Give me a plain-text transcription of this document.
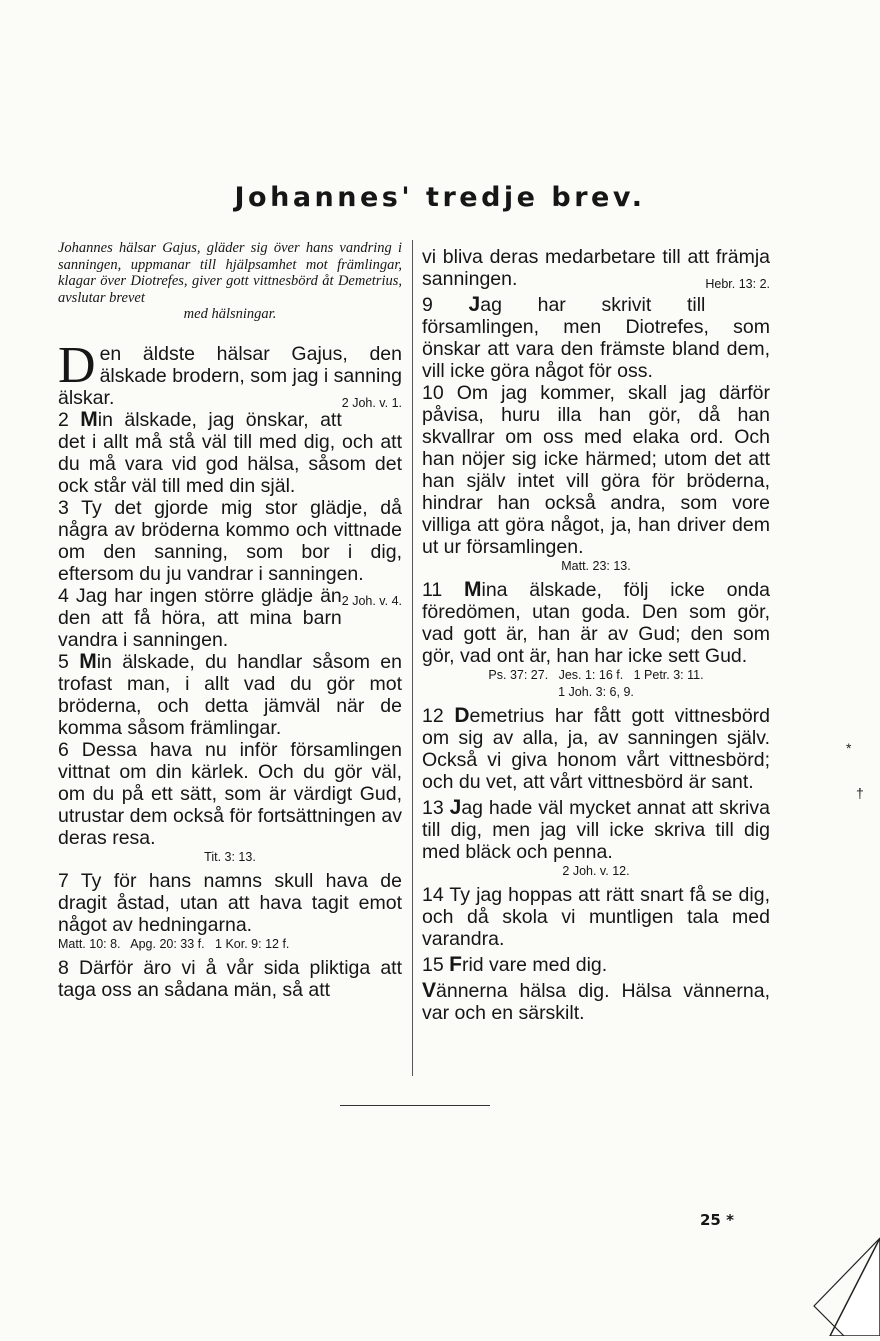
Johannes' tredje brev.

Johannes hälsar Gajus, gläder sig över hans vandring i sanningen, uppmanar till hjälpsamhet mot främlingar, klagar över Diotrefes, giver gott vittnesbörd åt Demetrius, avslutar brevet
med hälsningar.

Den äldste hälsar Gajus, den älskade brodern, som jag i sanning älskar.	2 Joh. v. 1.

2 Min älskade, jag önskar, att det i allt må stå väl till med dig, och att du må vara vid god hälsa, såsom det ock står väl till med din själ.

3 Ty det gjorde mig stor glädje, då några av bröderna kommo och vittnade om den sanning, som bor i dig, eftersom du ju vandrar i sanningen.
2 Joh. v. 4.

4 Jag har ingen större glädje än den att få höra, att mina barn vandra i sanningen.

5 Min älskade, du handlar såsom en trofast man, i allt vad du gör mot bröderna, och detta jämväl när de komma såsom främlingar.

6 Dessa hava nu inför församlingen vittnat om din kärlek. Och du gör väl, om du på ett sätt, som är värdigt Gud, utrustar dem också för fortsättningen av deras resa.

Tit. 3: 13.

7 Ty för hans namns skull hava de dragit åstad, utan att hava tagit emot något av hedningarna.

Matt. 10: 8.   Apg. 20: 33 f.   1 Kor. 9: 12 f.

8 Därför äro vi å vår sida pliktiga att taga oss an sådana män, så att

vi bliva deras medarbetare till att främja sanningen.	Hebr. 13: 2.

9 Jag har skrivit till församlingen, men Diotrefes, som önskar att vara den främste bland dem, vill icke göra något för oss.

10 Om jag kommer, skall jag därför påvisa, huru illa han gör, då han skvallrar om oss med elaka ord. Och han nöjer sig icke härmed; utom det att han själv intet vill göra för bröderna, hindrar han också andra, som vore villiga att göra något, ja, han driver dem ut ur församlingen.

Matt. 23: 13.

11 Mina älskade, följ icke onda föredömen, utan goda. Den som gör, vad gott är, han är av Gud; den som gör, vad ont är, han har icke sett Gud.

Ps. 37: 27.   Jes. 1: 16 f.   1 Petr. 3: 11.

1 Joh. 3: 6, 9.

12 Demetrius har fått gott vittnesbörd om sig av alla, ja, av sanningen själv. Också vi giva honom vårt vittnesbörd; och du vet, att vårt vittnesbörd är sant.

13 Jag hade väl mycket annat att skriva till dig, men jag vill icke skriva till dig med bläck och penna.

2 Joh. v. 12.

14 Ty jag hoppas att rätt snart få se dig, och då skola vi muntligen tala med varandra.

15 Frid vare med dig.

Vännerna hälsa dig. Hälsa vännerna, var och en särskilt.

25 *
*
†
